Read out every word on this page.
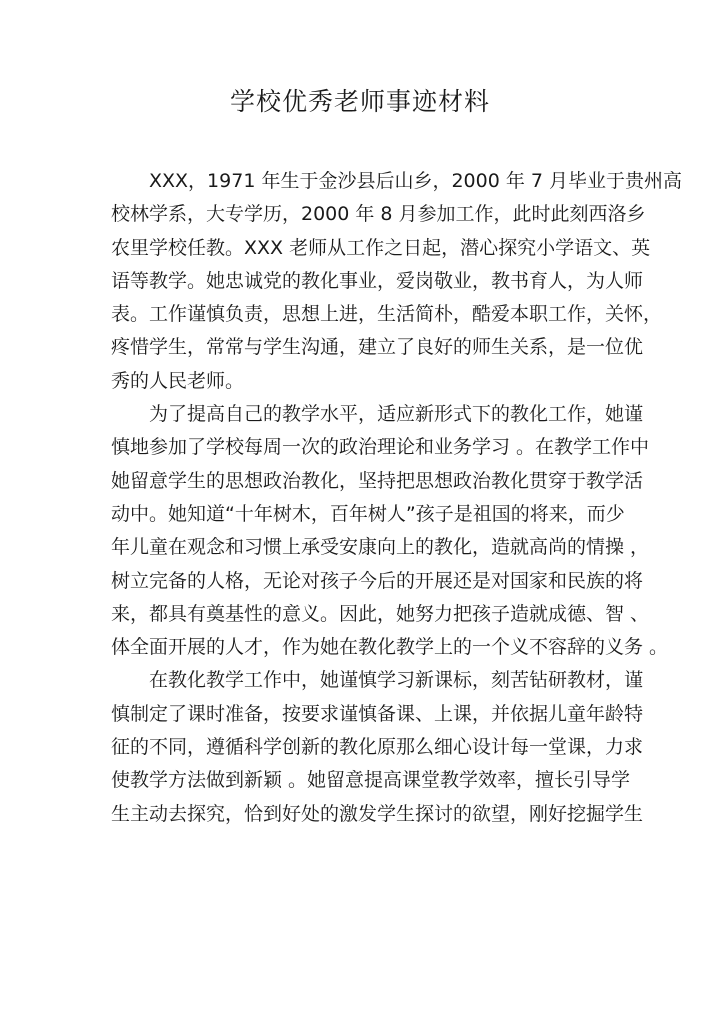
学校优秀老师事迹材料
XXX，1971 年生于金沙县后山乡，2000 年 7 月毕业于贵州高
校林学系，大专学历，2000 年 8 月参加工作，此时此刻西洛乡
农里学校任教。XXX 老师从工作之日起，潜心探究小学语文、英
语等教学。她忠诚党的教化事业，爱岗敬业，教书育人，为人师
表。工作谨慎负责，思想上进，生活简朴，酷爱本职工作，关怀，
疼惜学生，常常与学生沟通，建立了良好的师生关系，是一位优
秀的人民老师。
为了提高自己的教学水平，适应新形式下的教化工作，她谨
慎地参加了学校每周一次的政治理论和业务学习 。在教学工作中
她留意学生的思想政治教化，坚持把思想政治教化贯穿于教学活
动中。她知道“十年树木，百年树人”孩子是祖国的将来，而少
年儿童在观念和习惯上承受安康向上的教化，造就高尚的情操 ，
树立完备的人格，无论对孩子今后的开展还是对国家和民族的将
来，都具有奠基性的意义。因此，她努力把孩子造就成德、智 、
体全面开展的人才，作为她在教化教学上的一个义不容辞的义务 。
在教化教学工作中，她谨慎学习新课标，刻苦钻研教材，谨
慎制定了课时准备，按要求谨慎备课、上课，并依据儿童年龄特
征的不同，遵循科学创新的教化原那么细心设计每一堂课，力求
使教学方法做到新颖 。她留意提高课堂教学效率，擅长引导学
生主动去探究，恰到好处的激发学生探讨的欲望，刚好挖掘学生
